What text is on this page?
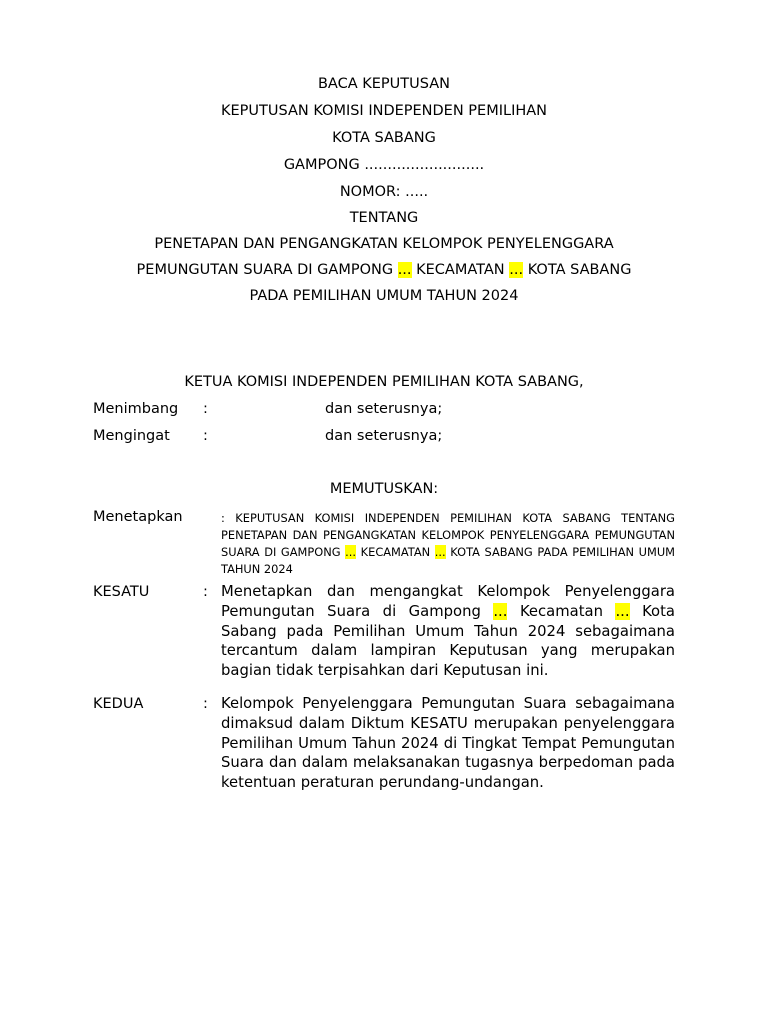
BACA KEPUTUSAN
KEPUTUSAN KOMISI INDEPENDEN PEMILIHAN
KOTA SABANG
GAMPONG ..........................
NOMOR: .....
TENTANG
PENETAPAN DAN PENGANGKATAN KELOMPOK PENYELENGGARA
PEMUNGUTAN SUARA DI GAMPONG ... KECAMATAN ... KOTA SABANG
PADA PEMILIHAN UMUM TAHUN 2024
KETUA KOMISI INDEPENDEN PEMILIHAN KOTA SABANG,
Menimbang :	dan seterusnya;
Mengingat :	dan seterusnya;
MEMUTUSKAN:
Menetapkan	: KEPUTUSAN KOMISI INDEPENDEN PEMILIHAN KOTA SABANG TENTANG PENETAPAN DAN PENGANGKATAN KELOMPOK PENYELENGGARA PEMUNGUTAN SUARA DI GAMPONG ... KECAMATAN ... KOTA SABANG PADA PEMILIHAN UMUM TAHUN 2024
KESATU	: Menetapkan dan mengangkat Kelompok Penyelenggara Pemungutan Suara di Gampong ... Kecamatan ... Kota Sabang pada Pemilihan Umum Tahun 2024 sebagaimana tercantum dalam lampiran Keputusan yang merupakan bagian tidak terpisahkan dari Keputusan ini.
KEDUA	: Kelompok Penyelenggara Pemungutan Suara sebagaimana dimaksud dalam Diktum KESATU merupakan penyelenggara Pemilihan Umum Tahun 2024 di Tingkat Tempat Pemungutan Suara dan dalam melaksanakan tugasnya berpedoman pada ketentuan peraturan perundang-undangan.
